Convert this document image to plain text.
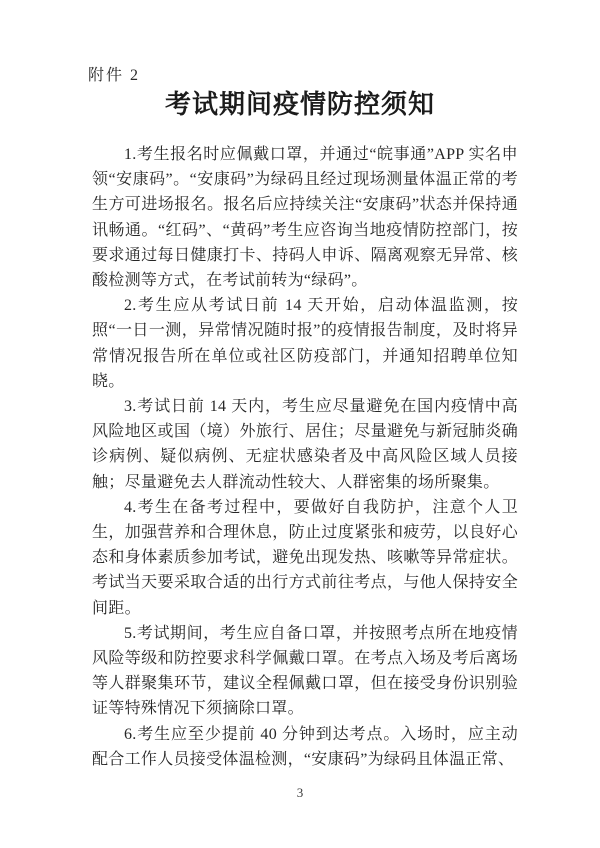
附件 2
考试期间疫情防控须知

1.考生报名时应佩戴口罩，并通过“皖事通”APP 实名申领“安康码”。“安康码”为绿码且经过现场测量体温正常的考生方可进场报名。报名后应持续关注“安康码”状态并保持通讯畅通。“红码”、“黄码”考生应咨询当地疫情防控部门，按要求通过每日健康打卡、持码人申诉、隔离观察无异常、核酸检测等方式，在考试前转为“绿码”。

2.考生应从考试日前 14 天开始，启动体温监测，按照“一日一测，异常情况随时报”的疫情报告制度，及时将异常情况报告所在单位或社区防疫部门，并通知招聘单位知晓。

3.考试日前 14 天内，考生应尽量避免在国内疫情中高风险地区或国（境）外旅行、居住；尽量避免与新冠肺炎确诊病例、疑似病例、无症状感染者及中高风险区域人员接触；尽量避免去人群流动性较大、人群密集的场所聚集。

4.考生在备考过程中，要做好自我防护，注意个人卫生，加强营养和合理休息，防止过度紧张和疲劳，以良好心态和身体素质参加考试，避免出现发热、咳嗽等异常症状。考试当天要采取合适的出行方式前往考点，与他人保持安全间距。

5.考试期间，考生应自备口罩，并按照考点所在地疫情风险等级和防控要求科学佩戴口罩。在考点入场及考后离场等人群聚集环节，建议全程佩戴口罩，但在接受身份识别验证等特殊情况下须摘除口罩。

6.考生应至少提前 40 分钟到达考点。入场时，应主动配合工作人员接受体温检测，“安康码”为绿码且体温正常、

3
